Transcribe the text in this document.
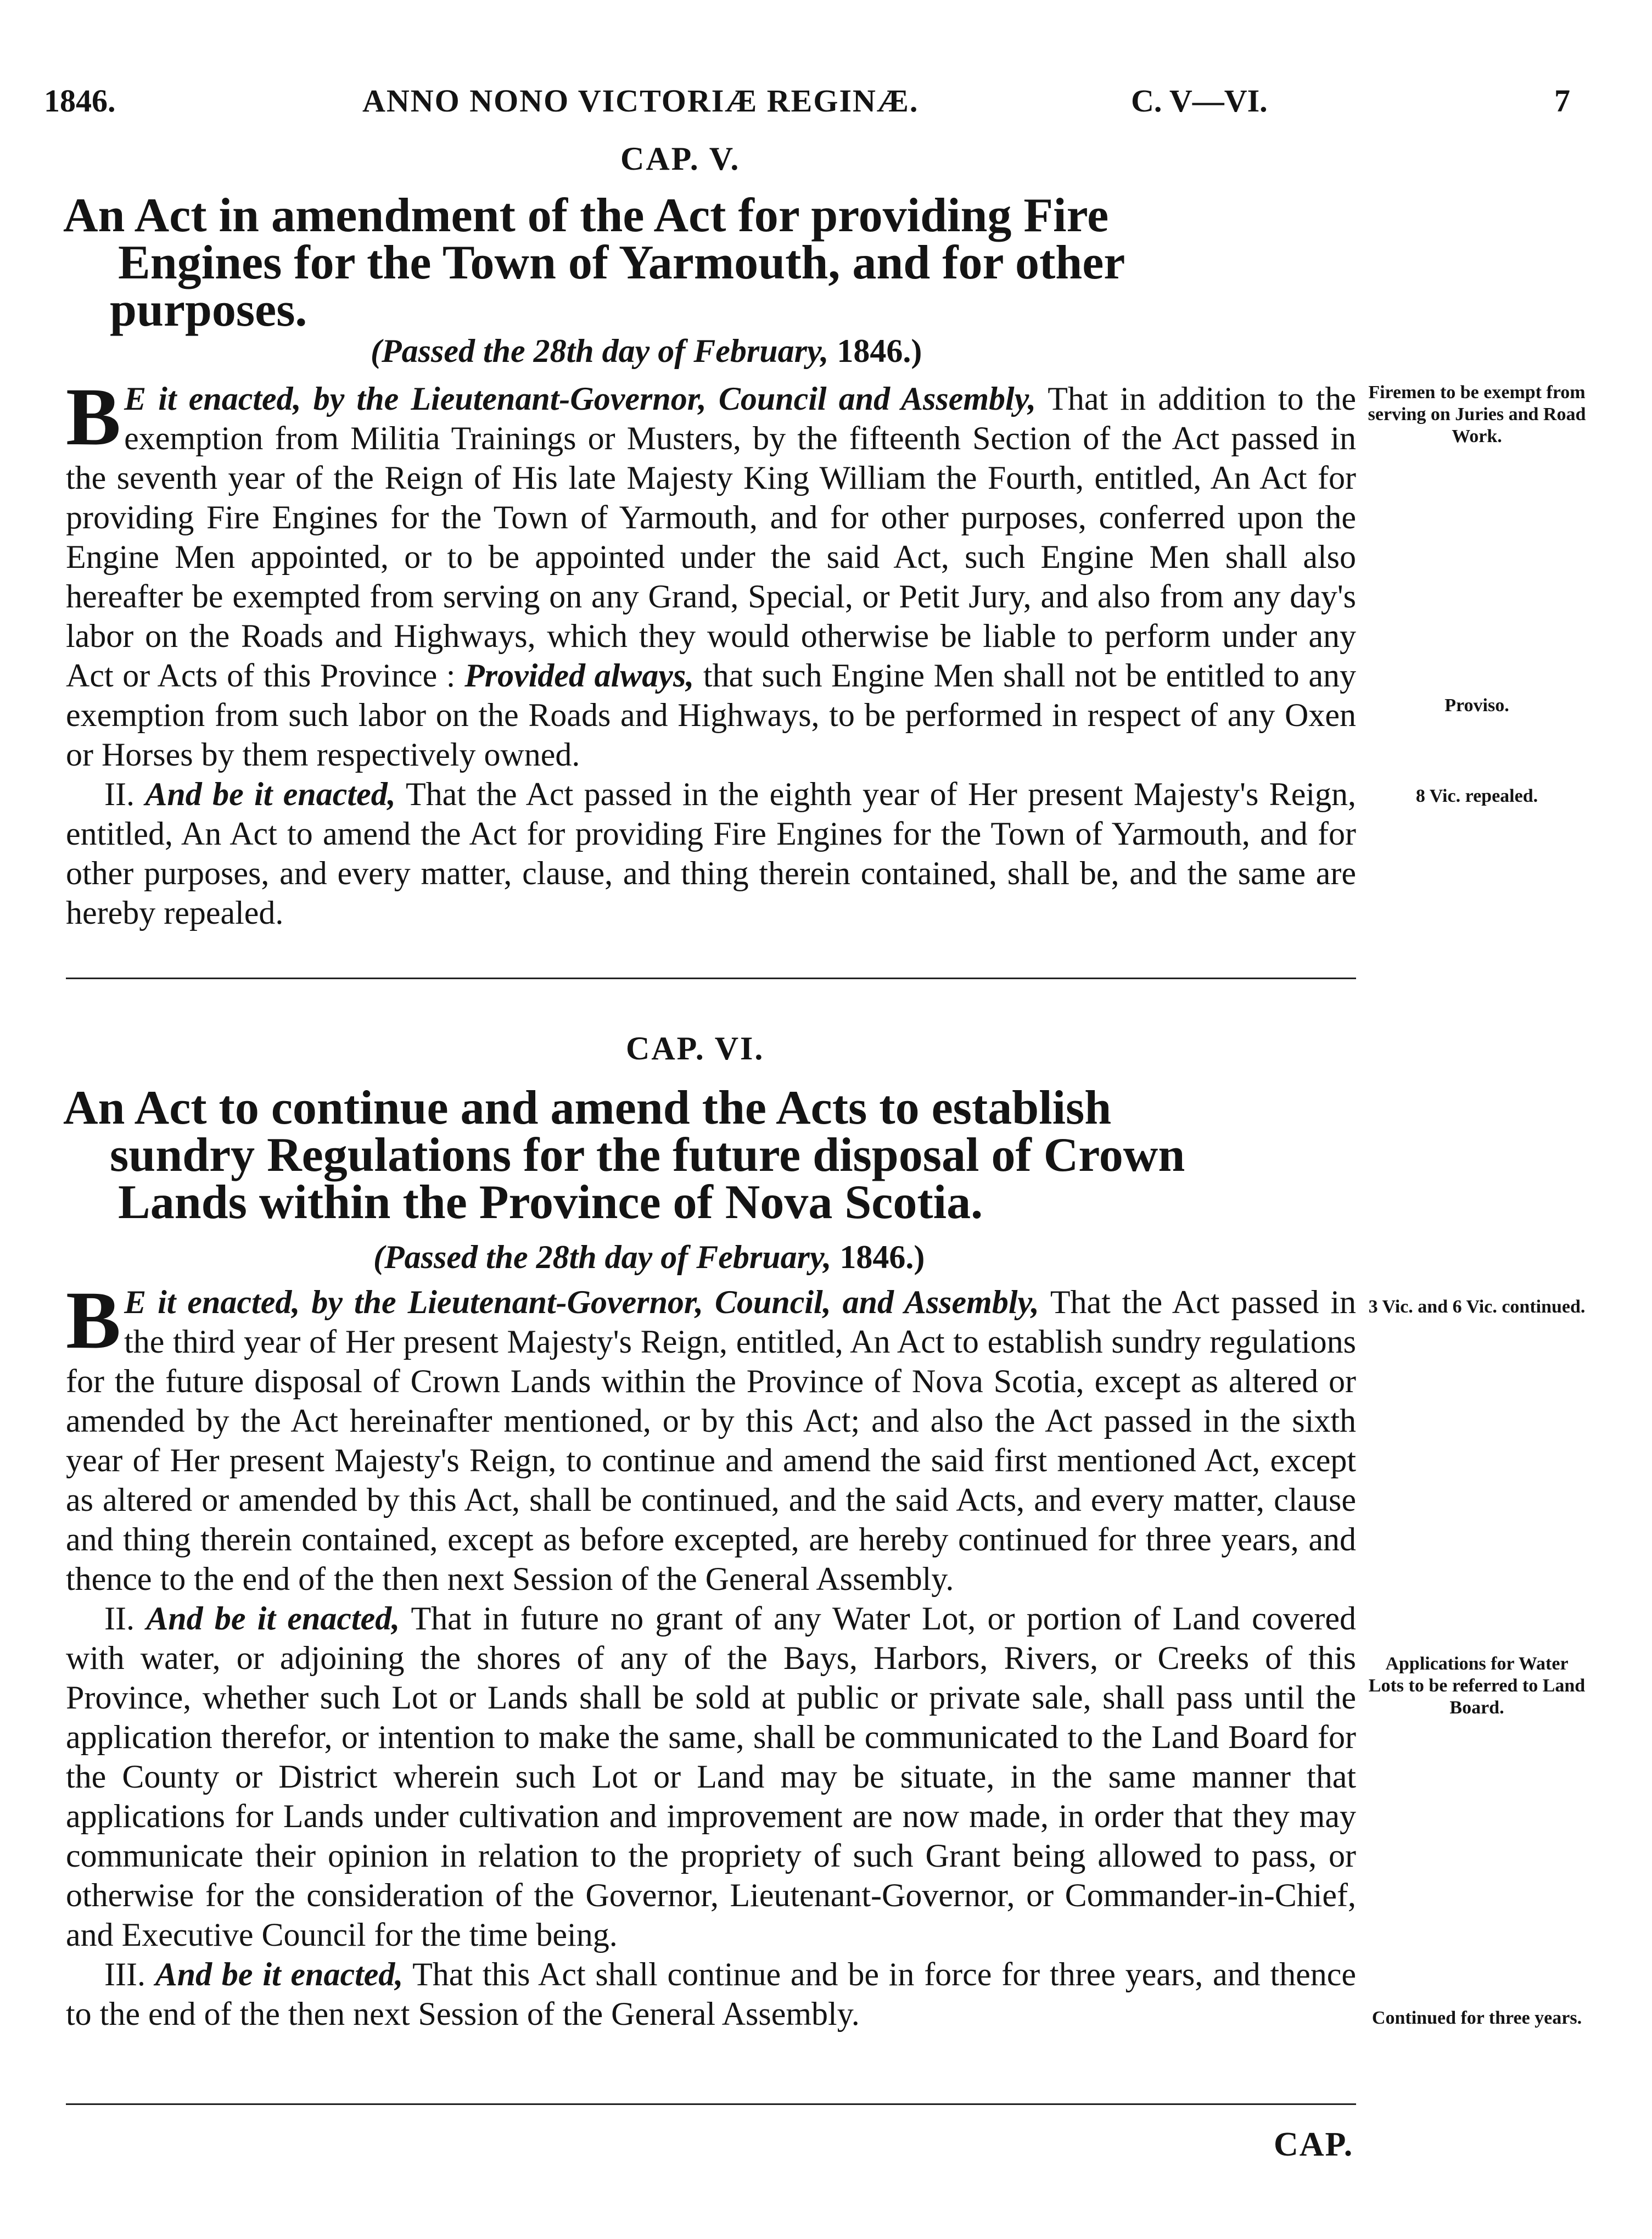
1846.	ANNO NONO VICTORIÆ REGINÆ.	C. V—VI.	7
CAP. V.
An Act in amendment of the Act for providing Fire
Engines for the Town of Yarmouth, and for other
purposes.
(Passed the 28th day of February, 1846.)

B E it enacted, by the Lieutenant-Governor, Council and Assembly, That in addition to the exemption from Militia Trainings or Musters, by the fifteenth Section of the Act passed in the seventh year of the Reign of His late Majesty King William the Fourth, entitled, An Act for providing Fire Engines for the Town of Yarmouth, and for other purposes, conferred upon the Engine Men appointed, or to be appointed under the said Act, such Engine Men shall also hereafter be exempted from serving on any Grand, Special, or Petit Jury, and also from any day's labor on the Roads and Highways, which they would otherwise be liable to perform under any Act or Acts of this Province : Provided always, that such Engine Men shall not be entitled to any exemption from such labor on the Roads and Highways, to be performed in respect of any Oxen or Horses by them respectively owned.

II. And be it enacted, That the Act passed in the eighth year of Her present Majesty's Reign, entitled, An Act to amend the Act for providing Fire Engines for the Town of Yarmouth, and for other purposes, and every matter, clause, and thing therein contained, shall be, and the same are hereby repealed.

Firemen to be exempt from serving on Juries and Road Work.
Proviso.
8 Vic. repealed.
CAP. VI.
An Act to continue and amend the Acts to establish
sundry Regulations for the future disposal of Crown
Lands within the Province of Nova Scotia.
(Passed the 28th day of February, 1846.)

B E it enacted, by the Lieutenant-Governor, Council, and Assembly, That the Act passed in the third year of Her present Majesty's Reign, entitled, An Act to establish sundry regulations for the future disposal of Crown Lands within the Province of Nova Scotia, except as altered or amended by the Act hereinafter mentioned, or by this Act; and also the Act passed in the sixth year of Her present Majesty's Reign, to continue and amend the said first mentioned Act, except as altered or amended by this Act, shall be continued, and the said Acts, and every matter, clause and thing therein contained, except as before excepted, are hereby continued for three years, and thence to the end of the then next Session of the General Assembly.

II. And be it enacted, That in future no grant of any Water Lot, or portion of Land covered with water, or adjoining the shores of any of the Bays, Harbors, Rivers, or Creeks of this Province, whether such Lot or Lands shall be sold at public or private sale, shall pass until the application therefor, or intention to make the same, shall be communicated to the Land Board for the County or District wherein such Lot or Land may be situate, in the same manner that applications for Lands under cultivation and improvement are now made, in order that they may communicate their opinion in relation to the propriety of such Grant being allowed to pass, or otherwise for the consideration of the Governor, Lieutenant-Governor, or Commander-in-Chief, and Executive Council for the time being.

III. And be it enacted, That this Act shall continue and be in force for three years, and thence to the end of the then next Session of the General Assembly.

3 Vic. and 6 Vic. continued.
Applications for Water Lots to be referred to Land Board.
Continued for three years.
CAP.
